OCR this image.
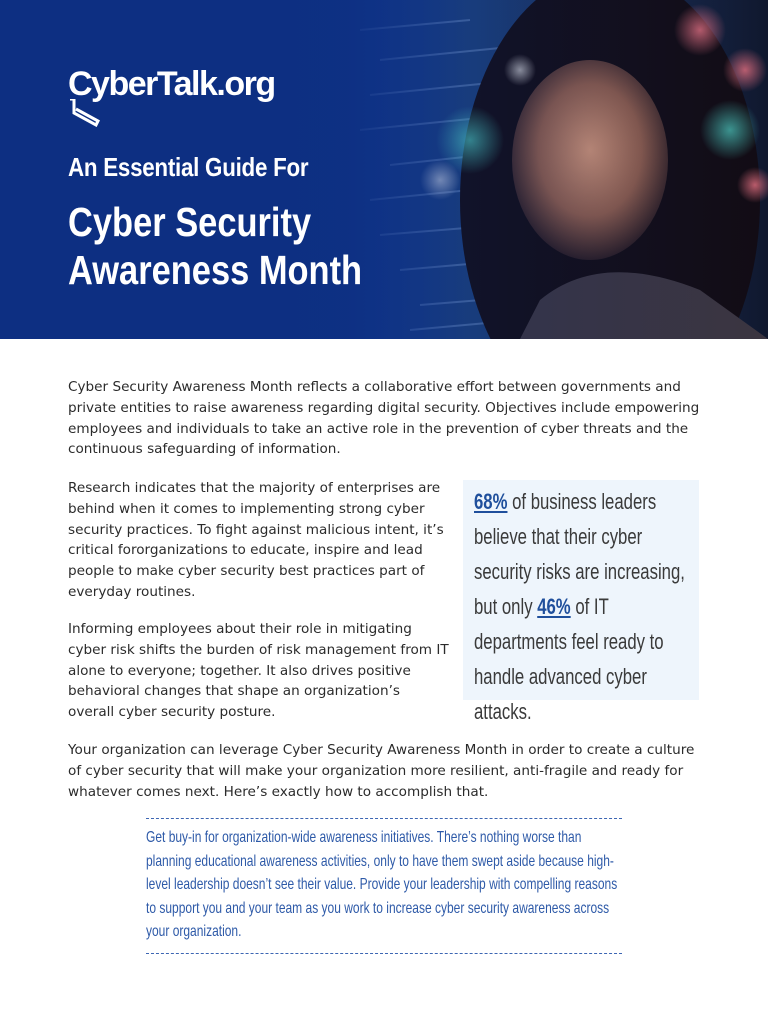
CyberTalk.org
An Essential Guide For
Cyber Security
Awareness Month

Cyber Security Awareness Month reflects a collaborative effort between governments and private entities to raise awareness regarding digital security. Objectives include empowering employees and individuals to take an active role in the prevention of cyber threats and the continuous safeguarding of information.

Research indicates that the majority of enterprises are behind when it comes to implementing strong cyber security practices. To fight against malicious intent, it’s critical fororganizations to educate, inspire and lead people to make cyber security best practices part of everyday routines.

Informing employees about their role in mitigating cyber risk shifts the burden of risk management from IT alone to everyone; together. It also drives positive behavioral changes that shape an organization’s overall cyber security posture.

68% of business leaders believe that their cyber security risks are increasing, but only 46% of IT departments feel ready to handle advanced cyber attacks.

Your organization can leverage Cyber Security Awareness Month in order to create a culture of cyber security that will make your organization more resilient, anti-fragile and ready for whatever comes next. Here’s exactly how to accomplish that.

Get buy-in for organization-wide awareness initiatives. There’s nothing worse than planning educational awareness activities, only to have them swept aside because high-level leadership doesn’t see their value. Provide your leadership with compelling reasons to support you and your team as you work to increase cyber security awareness across your organization.
